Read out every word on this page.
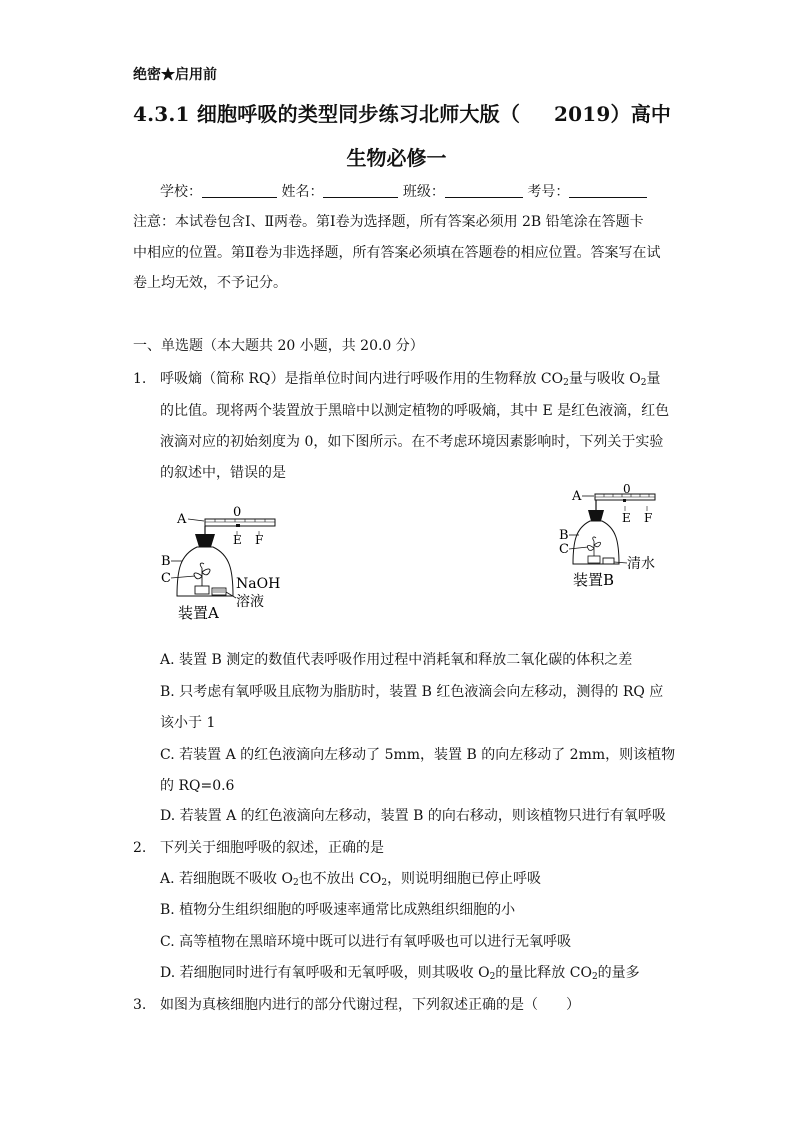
绝密★启用前
4.3.1 细胞呼吸的类型同步练习北师大版（ 2019）高中
生物必修一
学校：	姓名：	班级：	考号：
注意：本试卷包含Ⅰ、Ⅱ两卷。第Ⅰ卷为选择题，所有答案必须用 2B 铅笔涂在答题卡
中相应的位置。第Ⅱ卷为非选择题，所有答案必须填在答题卷的相应位置。答案写在试
卷上均无效，不予记分。
一、单选题（本大题共 20 小题，共 20.0 分）
1. 呼吸熵（简称 RQ）是指单位时间内进行呼吸作用的生物释放 $CO_2$量与吸收 $O_2$量
的比值。现将两个装置放于黑暗中以测定植物的呼吸熵，其中 E 是红色液滴，红色
液滴对应的初始刻度为 0，如下图所示。在不考虑环境因素影响时，下列关于实验
的叙述中，错误的是
0
E F
A
B
C	NaOH
溶液
装置A
0
E F
A
B
C
清水
装置B
A. 装置 B 测定的数值代表呼吸作用过程中消耗氧和释放二氧化碳的体积之差
B. 只考虑有氧呼吸且底物为脂肪时，装置 B 红色液滴会向左移动，测得的 RQ 应
该小于 1
C. 若装置 A 的红色液滴向左移动了 5mm，装置 B 的向左移动了 2mm，则该植物
的 RQ=0.6
D. 若装置 A 的红色液滴向左移动，装置 B 的向右移动，则该植物只进行有氧呼吸
2. 下列关于细胞呼吸的叙述，正确的是
A. 若细胞既不吸收 $O_2$也不放出 $CO_2$，则说明细胞已停止呼吸
B. 植物分生组织细胞的呼吸速率通常比成熟组织细胞的小
C. 高等植物在黑暗环境中既可以进行有氧呼吸也可以进行无氧呼吸
D. 若细胞同时进行有氧呼吸和无氧呼吸，则其吸收 $O_2$的量比释放 $CO_2$的量多
3. 如图为真核细胞内进行的部分代谢过程，下列叙述正确的是（　　）
